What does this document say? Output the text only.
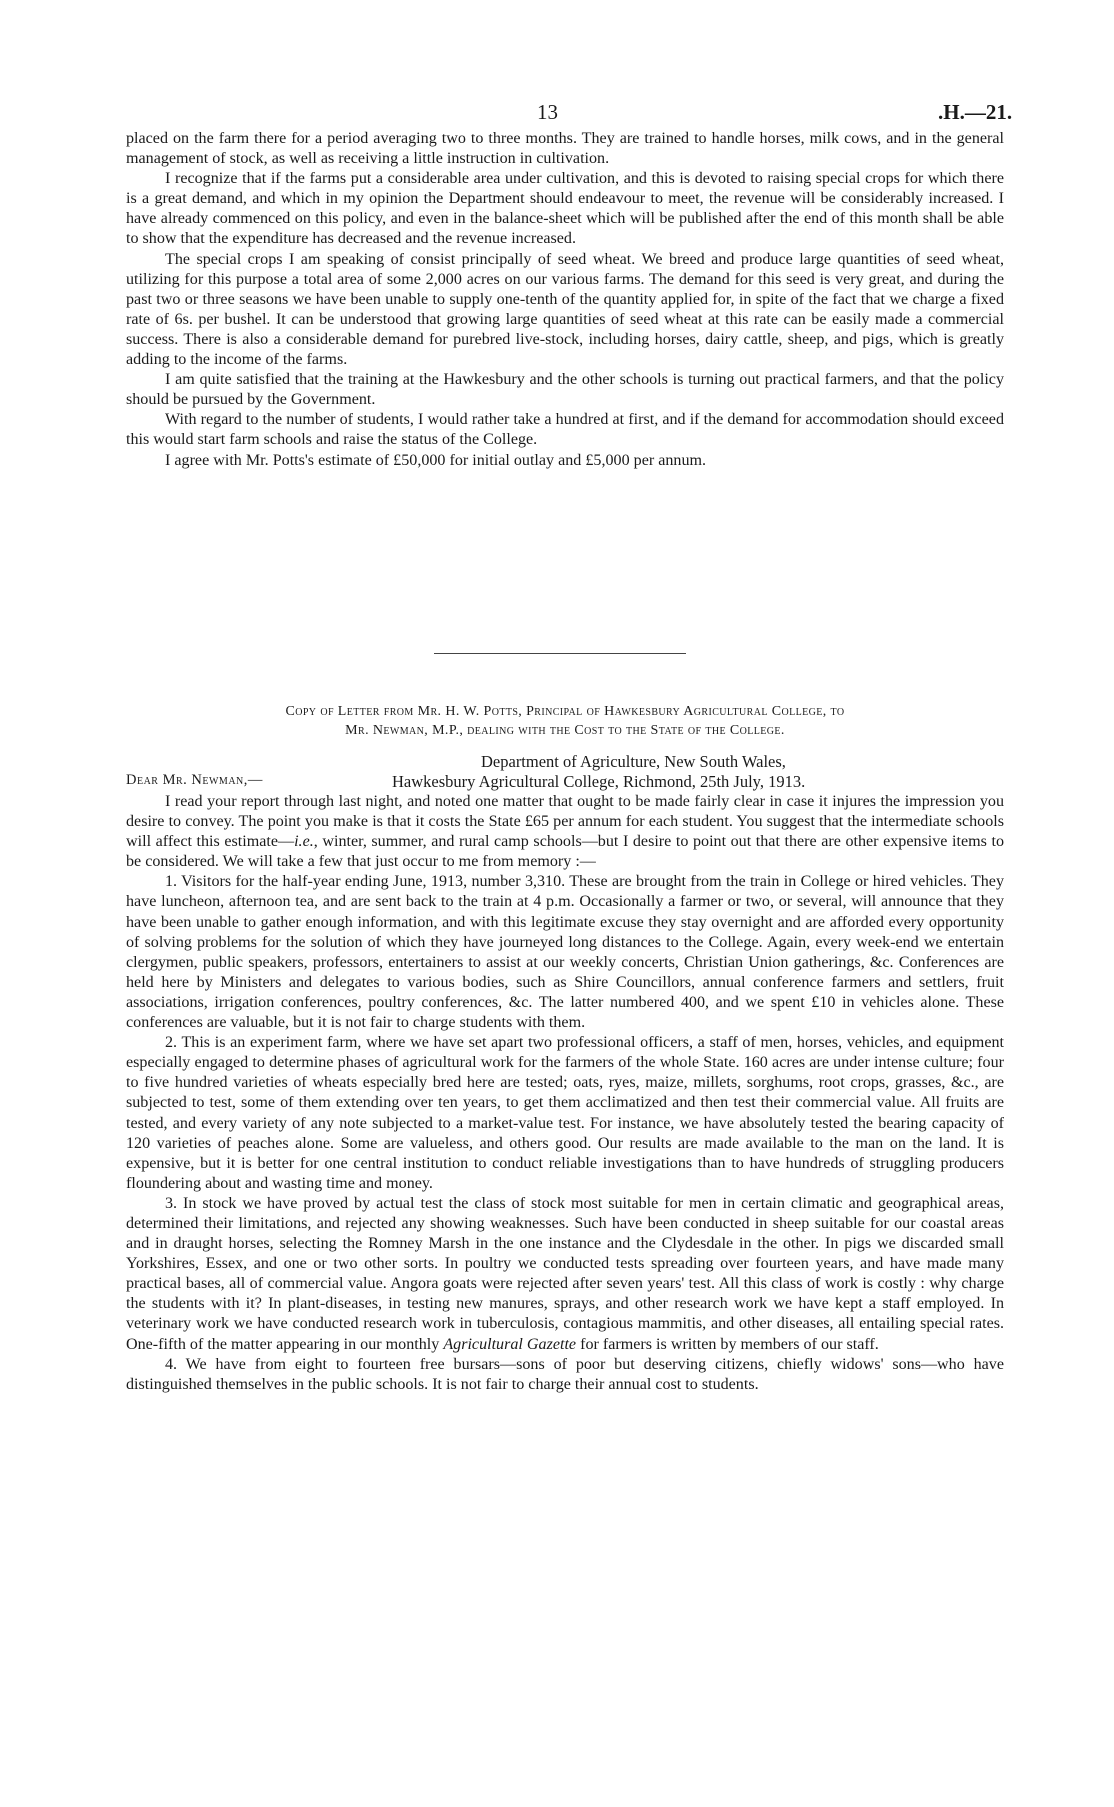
13	.H.—21.

placed on the farm there for a period averaging two to three months. They are trained to handle horses, milk cows, and in the general management of stock, as well as receiving a little instruction in cultivation.

I recognize that if the farms put a considerable area under cultivation, and this is devoted to raising special crops for which there is a great demand, and which in my opinion the Department should endeavour to meet, the revenue will be considerably increased. I have already commenced on this policy, and even in the balance-sheet which will be published after the end of this month shall be able to show that the expenditure has decreased and the revenue increased.

The special crops I am speaking of consist principally of seed wheat. We breed and produce large quantities of seed wheat, utilizing for this purpose a total area of some 2,000 acres on our various farms. The demand for this seed is very great, and during the past two or three seasons we have been unable to supply one-tenth of the quantity applied for, in spite of the fact that we charge a fixed rate of 6s. per bushel. It can be understood that growing large quantities of seed wheat at this rate can be easily made a commercial success. There is also a considerable demand for purebred live-stock, including horses, dairy cattle, sheep, and pigs, which is greatly adding to the income of the farms.

I am quite satisfied that the training at the Hawkesbury and the other schools is turning out practical farmers, and that the policy should be pursued by the Government.

With regard to the number of students, I would rather take a hundred at first, and if the demand for accommodation should exceed this would start farm schools and raise the status of the College.

I agree with Mr. Potts's estimate of £50,000 for initial outlay and £5,000 per annum.

Copy of Letter from Mr. H. W. Potts, Principal of Hawkesbury Agricultural College, to
Mr. Newman, M.P., dealing with the Cost to the State of the College.
Department of Agriculture, New South Wales,
Dear Mr. Newman,—	Hawkesbury Agricultural College, Richmond, 25th July, 1913.

I read your report through last night, and noted one matter that ought to be made fairly clear in case it injures the impression you desire to convey. The point you make is that it costs the State £65 per annum for each student. You suggest that the intermediate schools will affect this estimate—i.e., winter, summer, and rural camp schools—but I desire to point out that there are other expensive items to be considered. We will take a few that just occur to me from memory :—

1. Visitors for the half-year ending June, 1913, number 3,310. These are brought from the train in College or hired vehicles. They have luncheon, afternoon tea, and are sent back to the train at 4 p.m. Occasionally a farmer or two, or several, will announce that they have been unable to gather enough information, and with this legitimate excuse they stay overnight and are afforded every opportunity of solving problems for the solution of which they have journeyed long distances to the College. Again, every week-end we entertain clergymen, public speakers, professors, entertainers to assist at our weekly concerts, Christian Union gatherings, &c. Conferences are held here by Ministers and delegates to various bodies, such as Shire Councillors, annual conference farmers and settlers, fruit associations, irrigation conferences, poultry conferences, &c. The latter numbered 400, and we spent £10 in vehicles alone. These conferences are valuable, but it is not fair to charge students with them.

2. This is an experiment farm, where we have set apart two professional officers, a staff of men, horses, vehicles, and equipment especially engaged to determine phases of agricultural work for the farmers of the whole State. 160 acres are under intense culture; four to five hundred varieties of wheats especially bred here are tested; oats, ryes, maize, millets, sorghums, root crops, grasses, &c., are subjected to test, some of them extending over ten years, to get them acclimatized and then test their commercial value. All fruits are tested, and every variety of any note subjected to a market-value test. For instance, we have absolutely tested the bearing capacity of 120 varieties of peaches alone. Some are valueless, and others good. Our results are made available to the man on the land. It is expensive, but it is better for one central institution to conduct reliable investigations than to have hundreds of struggling producers floundering about and wasting time and money.

3. In stock we have proved by actual test the class of stock most suitable for men in certain climatic and geographical areas, determined their limitations, and rejected any showing weaknesses. Such have been conducted in sheep suitable for our coastal areas and in draught horses, selecting the Romney Marsh in the one instance and the Clydesdale in the other. In pigs we discarded small Yorkshires, Essex, and one or two other sorts. In poultry we conducted tests spreading over fourteen years, and have made many practical bases, all of commercial value. Angora goats were rejected after seven years' test. All this class of work is costly : why charge the students with it? In plant-diseases, in testing new manures, sprays, and other research work we have kept a staff employed. In veterinary work we have conducted research work in tuberculosis, contagious mammitis, and other diseases, all entailing special rates. One-fifth of the matter appearing in our monthly Agricultural Gazette for farmers is written by members of our staff.

4. We have from eight to fourteen free bursars—sons of poor but deserving citizens, chiefly widows' sons—who have distinguished themselves in the public schools. It is not fair to charge their annual cost to students.
